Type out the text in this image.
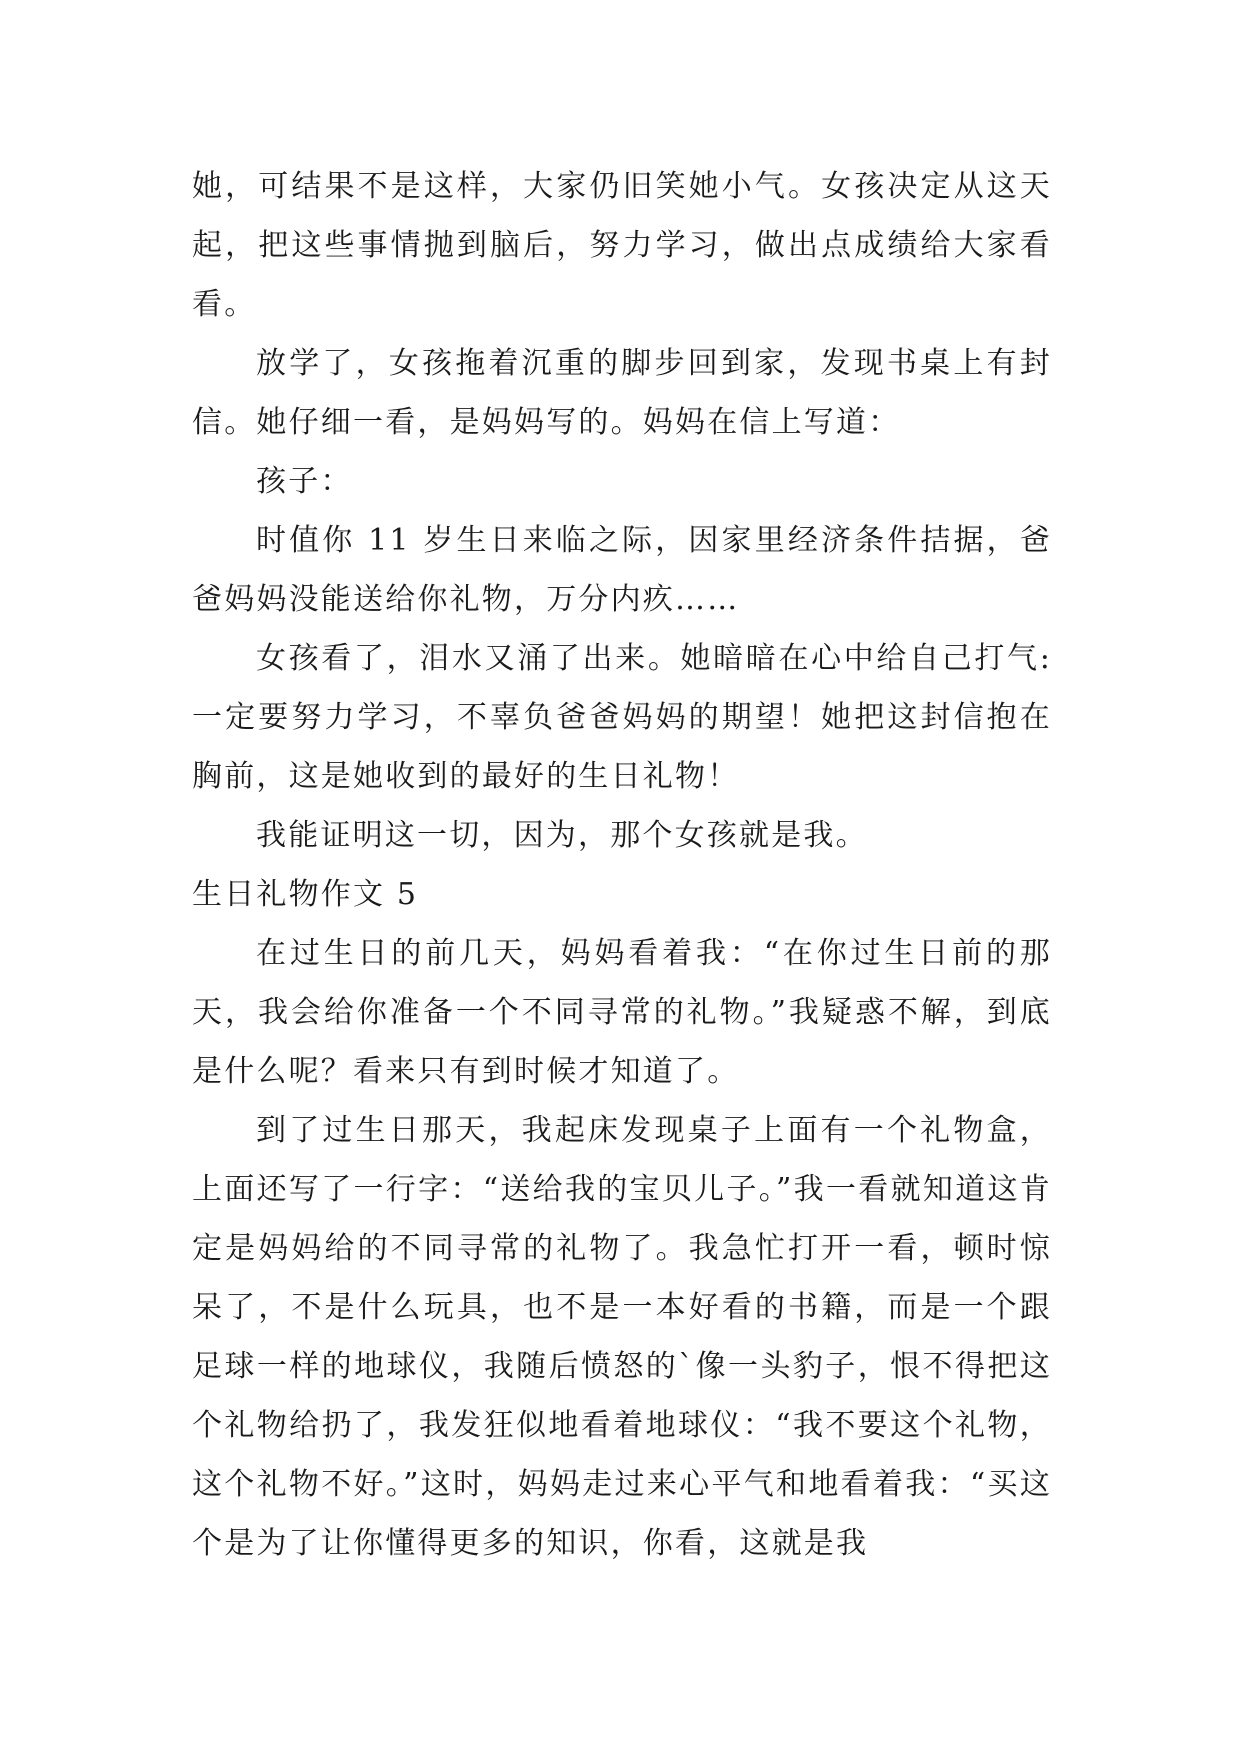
她，可结果不是这样，大家仍旧笑她小气。女孩决定从这天起，把这些事情抛到脑后，努力学习，做出点成绩给大家看看。

放学了，女孩拖着沉重的脚步回到家，发现书桌上有封信。她仔细一看，是妈妈写的。妈妈在信上写道：

孩子：

时值你 11 岁生日来临之际，因家里经济条件拮据，爸爸妈妈没能送给你礼物，万分内疚……

女孩看了，泪水又涌了出来。她暗暗在心中给自己打气:一定要努力学习，不辜负爸爸妈妈的期望！她把这封信抱在胸前，这是她收到的最好的生日礼物！

我能证明这一切，因为，那个女孩就是我。

生日礼物作文 5

在过生日的前几天，妈妈看着我：“在你过生日前的那天，我会给你准备一个不同寻常的礼物。”我疑惑不解，到底是什么呢？看来只有到时候才知道了。

到了过生日那天，我起床发现桌子上面有一个礼物盒，上面还写了一行字：“送给我的宝贝儿子。”我一看就知道这肯定是妈妈给的不同寻常的礼物了。我急忙打开一看，顿时惊呆了，不是什么玩具，也不是一本好看的书籍，而是一个跟足球一样的地球仪，我随后愤怒的`像一头豹子，恨不得把这个礼物给扔了，我发狂似地看着地球仪：“我不要这个礼物，这个礼物不好。”这时，妈妈走过来心平气和地看着我：“买这个是为了让你懂得更多的知识，你看，这就是我
